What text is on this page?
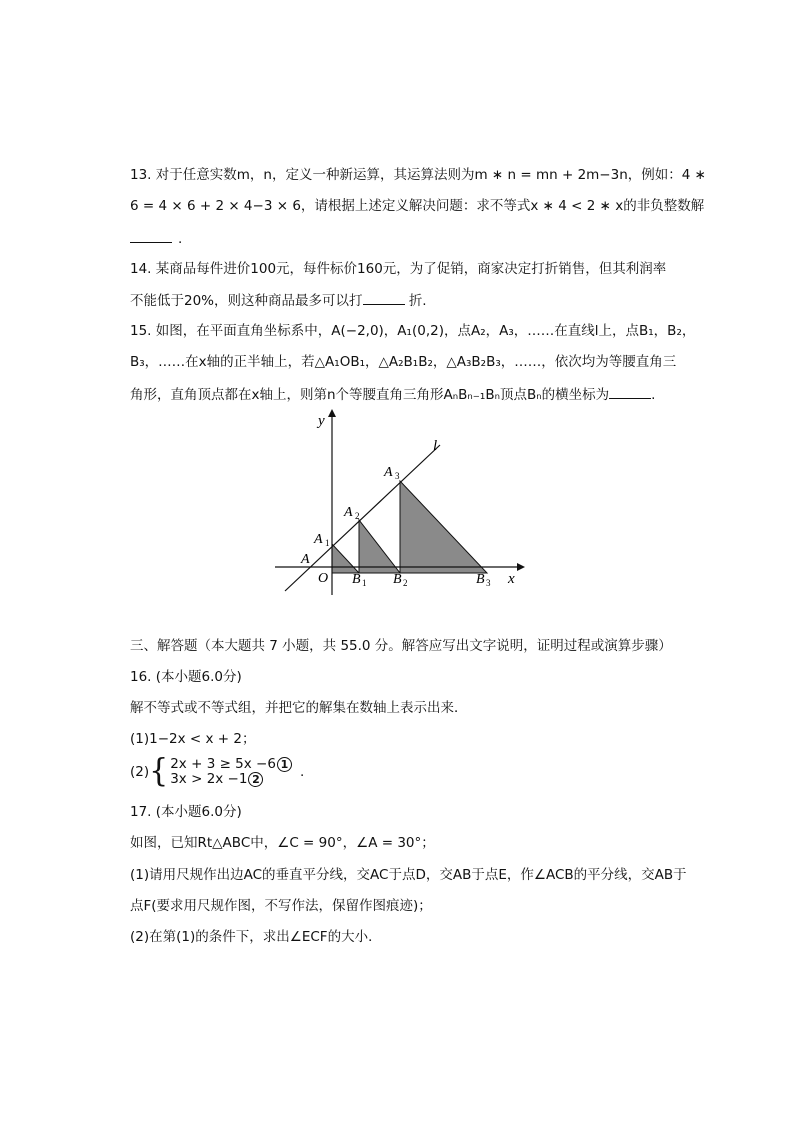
13. 对于任意实数m，n，定义一种新运算，其运算法则为m ∗ n = mn + 2m−3n，例如：4 ∗
6 = 4 × 6 + 2 × 4−3 × 6，请根据上述定义解决问题：求不等式x ∗ 4 < 2 ∗ x的非负整数解
.
14. 某商品每件进价100元，每件标价160元，为了促销，商家决定打折销售，但其利润率
不能低于20%，则这种商品最多可以打	折.
15. 如图，在平面直角坐标系中，A(−2,0)，A₁(0,2)，点A₂，A₃，……在直线l上，点B₁，B₂，
B₃，……在x轴的正半轴上，若△A₁OB₁，△A₂B₁B₂，△A₃B₂B₃，……，依次均为等腰直角三
角形，直角顶点都在x轴上，则第n个等腰直角三角形AₙBₙ₋₁Bₙ顶点Bₙ的横坐标为	.
y
l
x
O
A
A 1
A 2
A 3
B 1 B 2	B 3
三、解答题（本大题共 7 小题，共 55.0 分。解答应写出文字说明，证明过程或演算步骤）
16. (本小题6.0分)
解不等式或不等式组，并把它的解集在数轴上表示出来．
(1)1−2x < x + 2；
(2) { 2x + 3 ≥ 5x −6 1
3x > 2x −1 2	.
17. (本小题6.0分)
如图，已知Rt△ABC中，∠C = 90°，∠A = 30°；
(1)请用尺规作出边AC的垂直平分线，交AC于点D，交AB于点E，作∠ACB的平分线，交AB于
点F(要求用尺规作图，不写作法，保留作图痕迹)；
(2)在第(1)的条件下，求出∠ECF的大小．
